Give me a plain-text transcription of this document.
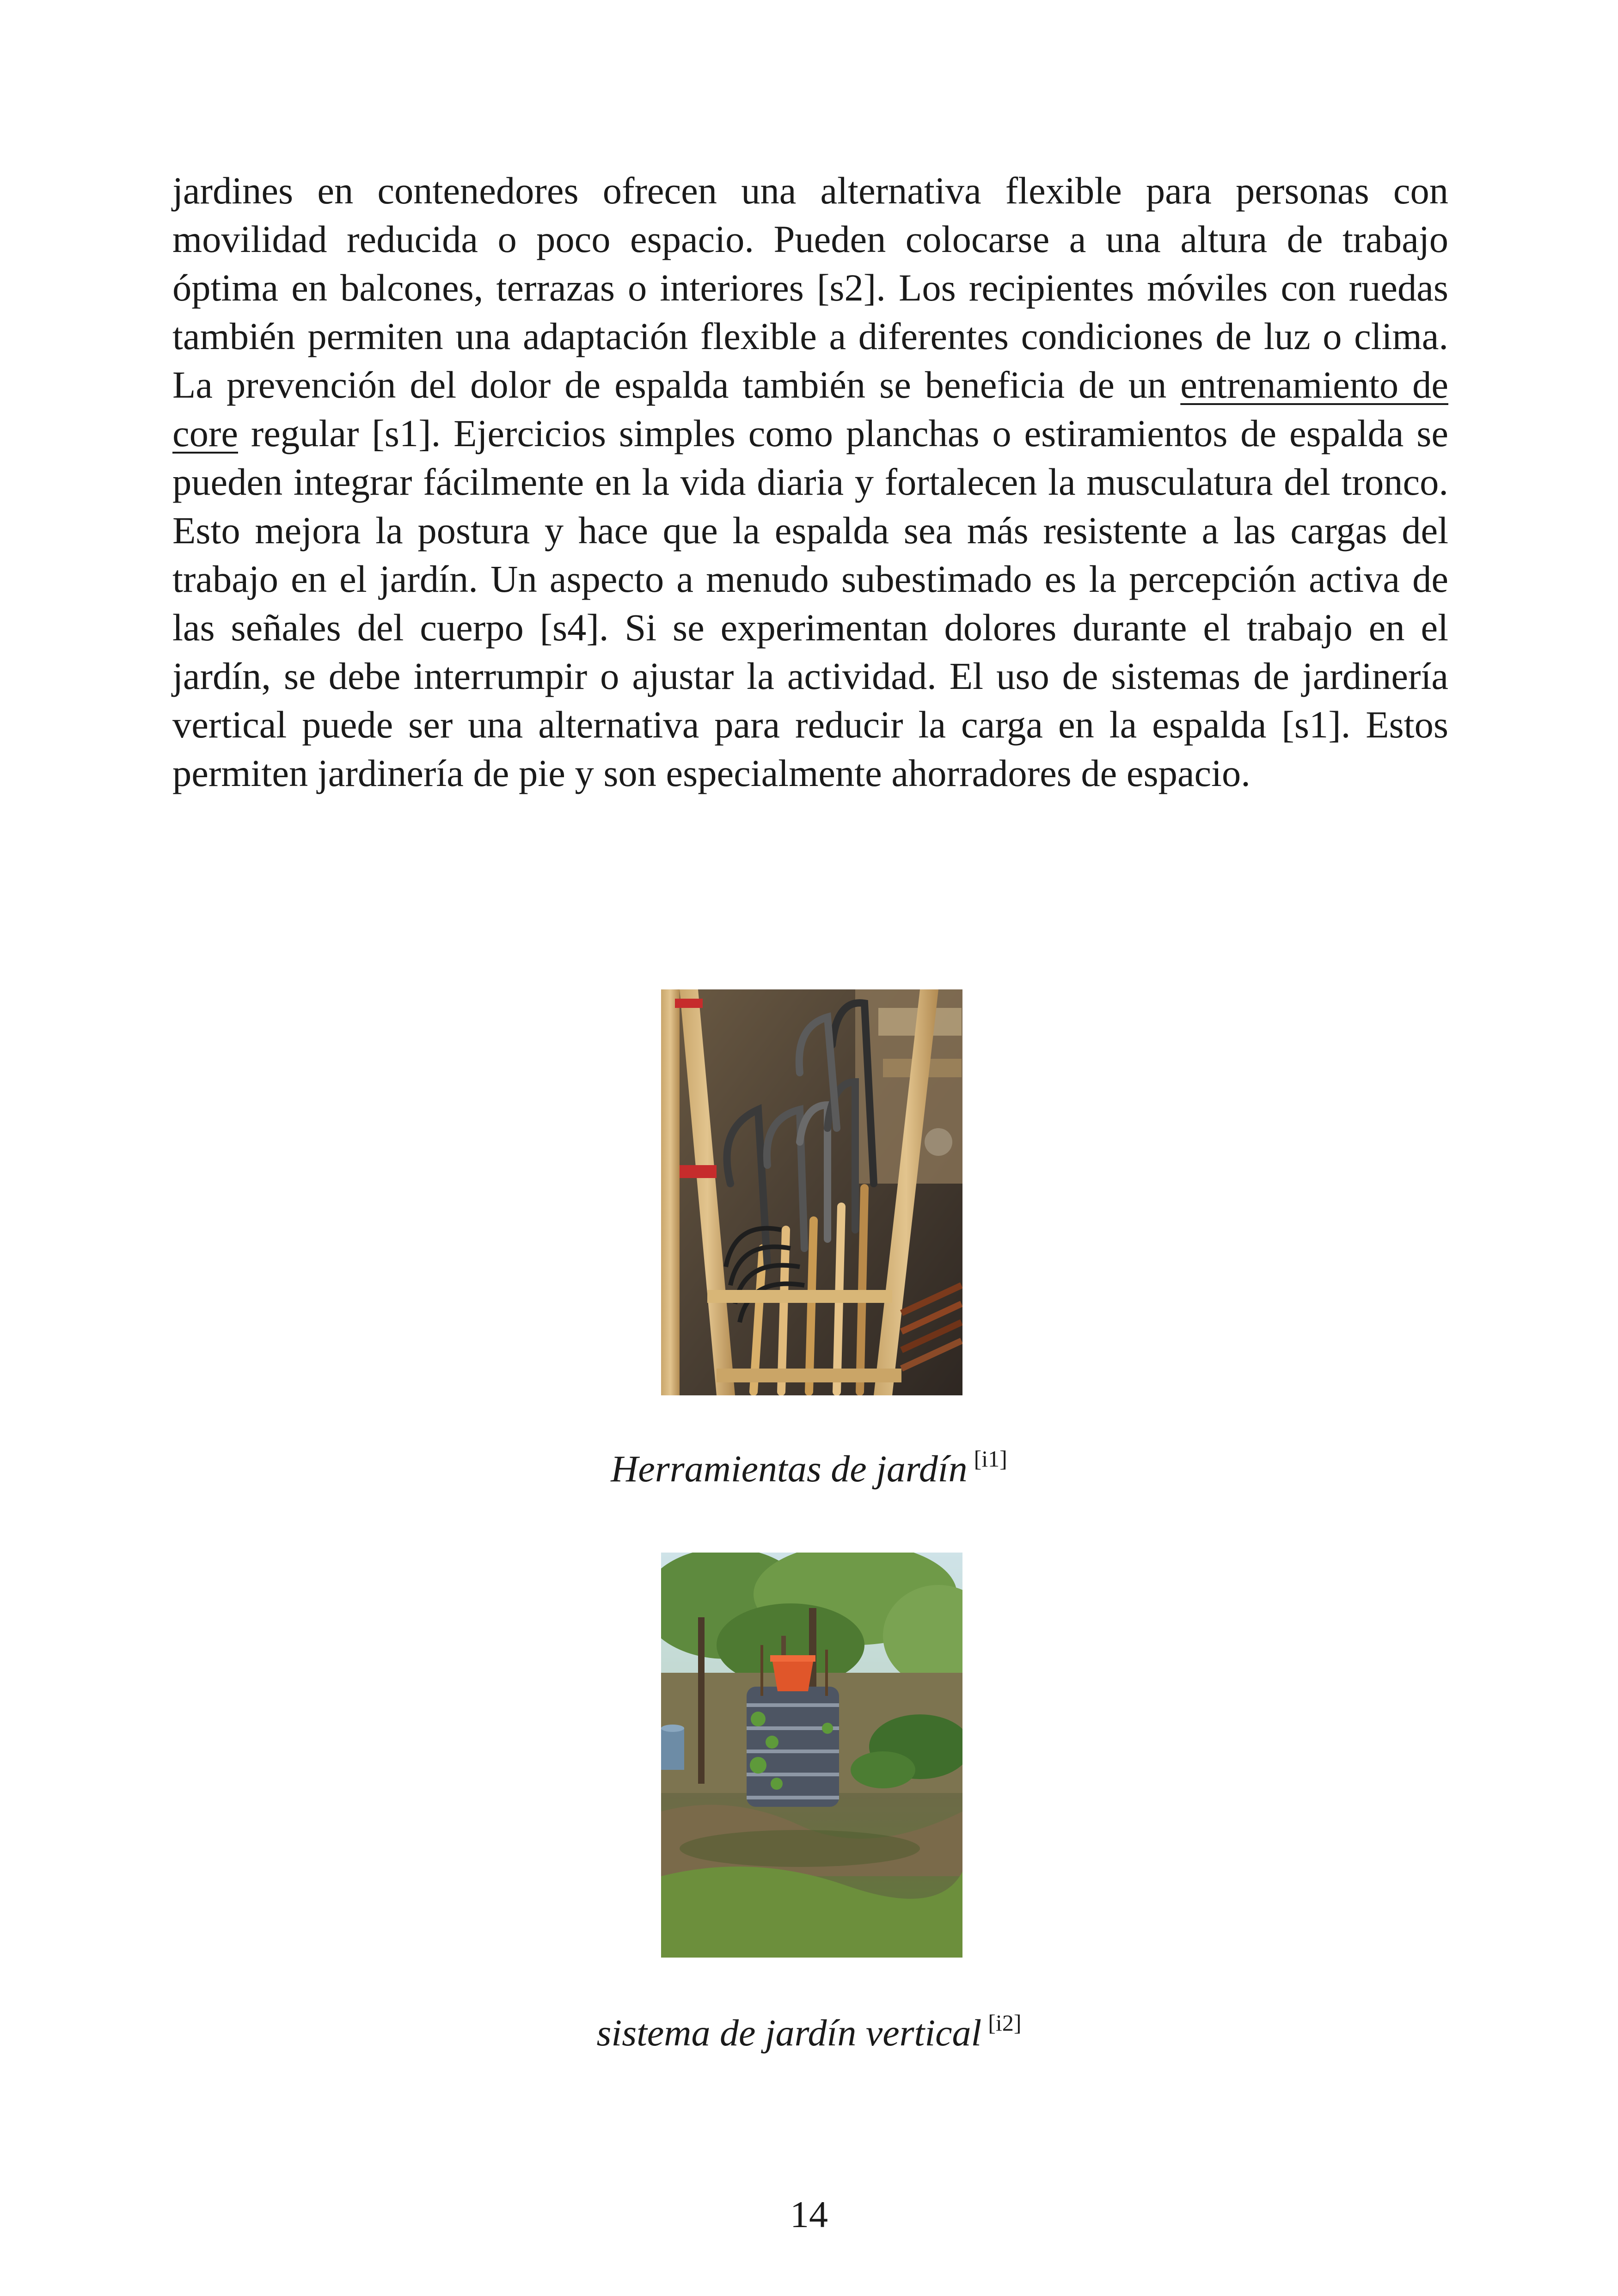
jardines en contenedores ofrecen una alternativa flexible para personas con movilidad reducida o poco espacio. Pueden colocarse a una altura de trabajo óptima en balcones, terrazas o interiores [s2]. Los recipientes móviles con ruedas también permiten una adaptación flexible a diferentes condiciones de luz o clima. La prevención del dolor de espalda también se beneficia de un entrenamiento de core regular [s1]. Ejercicios simples como planchas o estiramientos de espalda se pueden integrar fácilmente en la vida diaria y fortalecen la musculatura del tronco. Esto mejora la postura y hace que la espalda sea más resistente a las cargas del trabajo en el jardín. Un aspecto a menudo subestimado es la percepción activa de las señales del cuerpo [s4]. Si se experimentan dolores durante el trabajo en el jardín, se debe interrumpir o ajustar la actividad. El uso de sistemas de jardinería vertical puede ser una alternativa para reducir la carga en la espalda [s1]. Estos permiten jardinería de pie y son especialmente ahorradores de espacio.

Herramientas de jardín [i1]

sistema de jardín vertical [i2]

14
